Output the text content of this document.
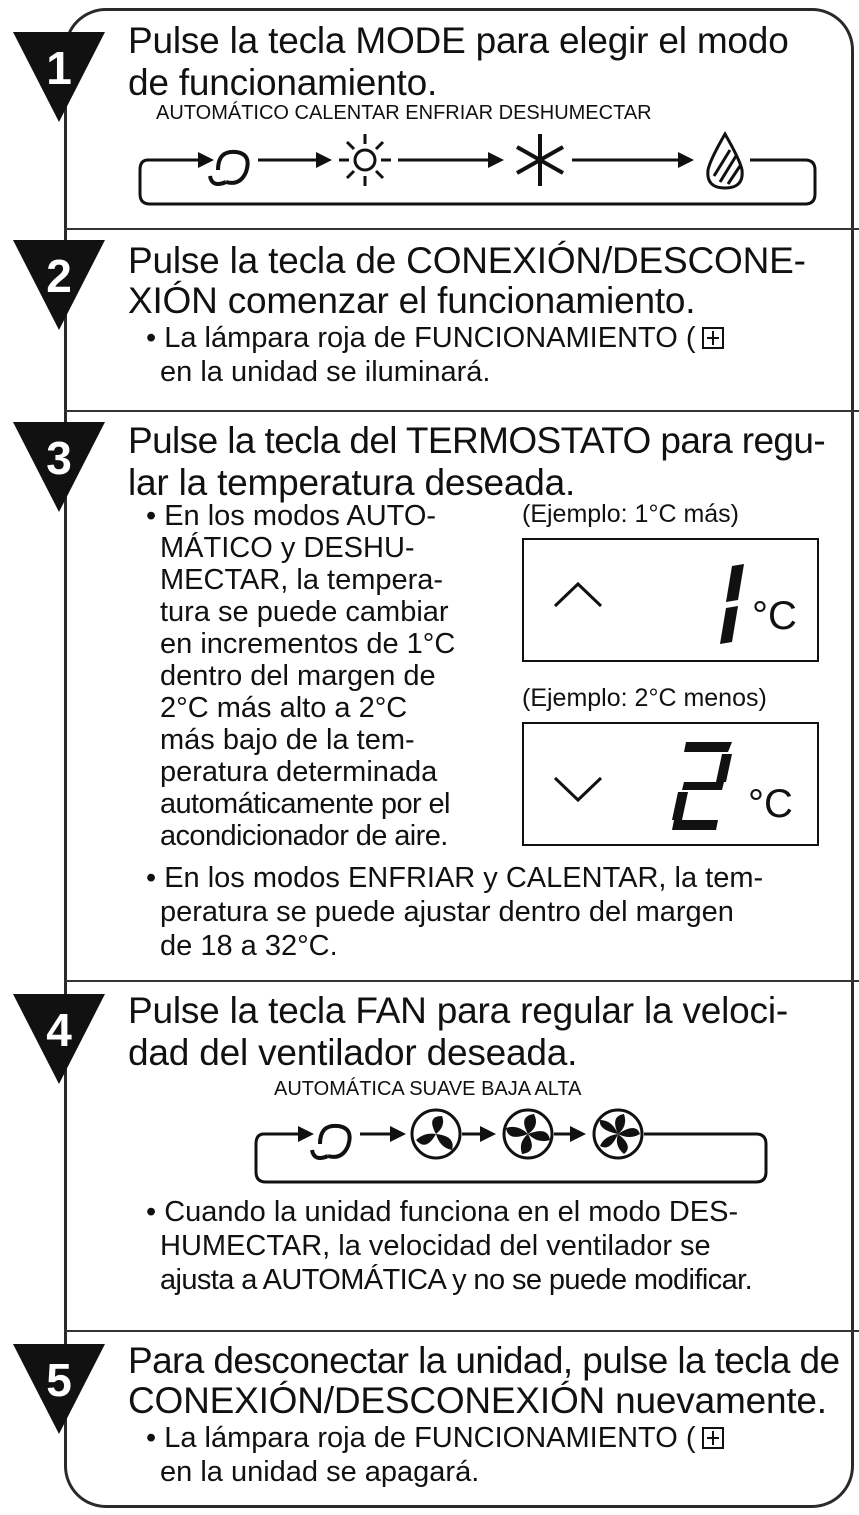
1

Pulse la tecla MODE para elegir el modo

de funcionamiento.

AUTOMÁTICO CALENTAR ENFRIAR DESHUMECTAR
2 Pulse la tecla de CONEXIÓN/DESCONE-

XIÓN comenzar el funcionamiento.

• La lámpara roja de FUNCIONAMIENTO (

en la unidad se iluminará.

3 Pulse la tecla del TERMOSTATO para regu-

lar la temperatura deseada.

• En los modos AUTO-

MÁTICO y DESHU-

MECTAR, la tempera-

tura se puede cambiar

en incrementos de 1°C

dentro del margen de

2°C más alto a 2°C

más bajo de la tem-

peratura determinada

automáticamente por el

acondicionador de aire.

(Ejemplo: 1°C más)
1
°C
(Ejemplo: 2°C menos)
2
°C

• En los modos ENFRIAR y CALENTAR, la tem-

peratura se puede ajustar dentro del margen

de 18 a 32°C.

4 Pulse la tecla FAN para regular la veloci-

dad del ventilador deseada.

AUTOMÁTICA SUAVE BAJA ALTA

• Cuando la unidad funciona en el modo DES-

HUMECTAR, la velocidad del ventilador se

ajusta a AUTOMÁTICA y no se puede modificar.

5 Para desconectar la unidad, pulse la tecla de

CONEXIÓN/DESCONEXIÓN nuevamente.

• La lámpara roja de FUNCIONAMIENTO (

en la unidad se apagará.
